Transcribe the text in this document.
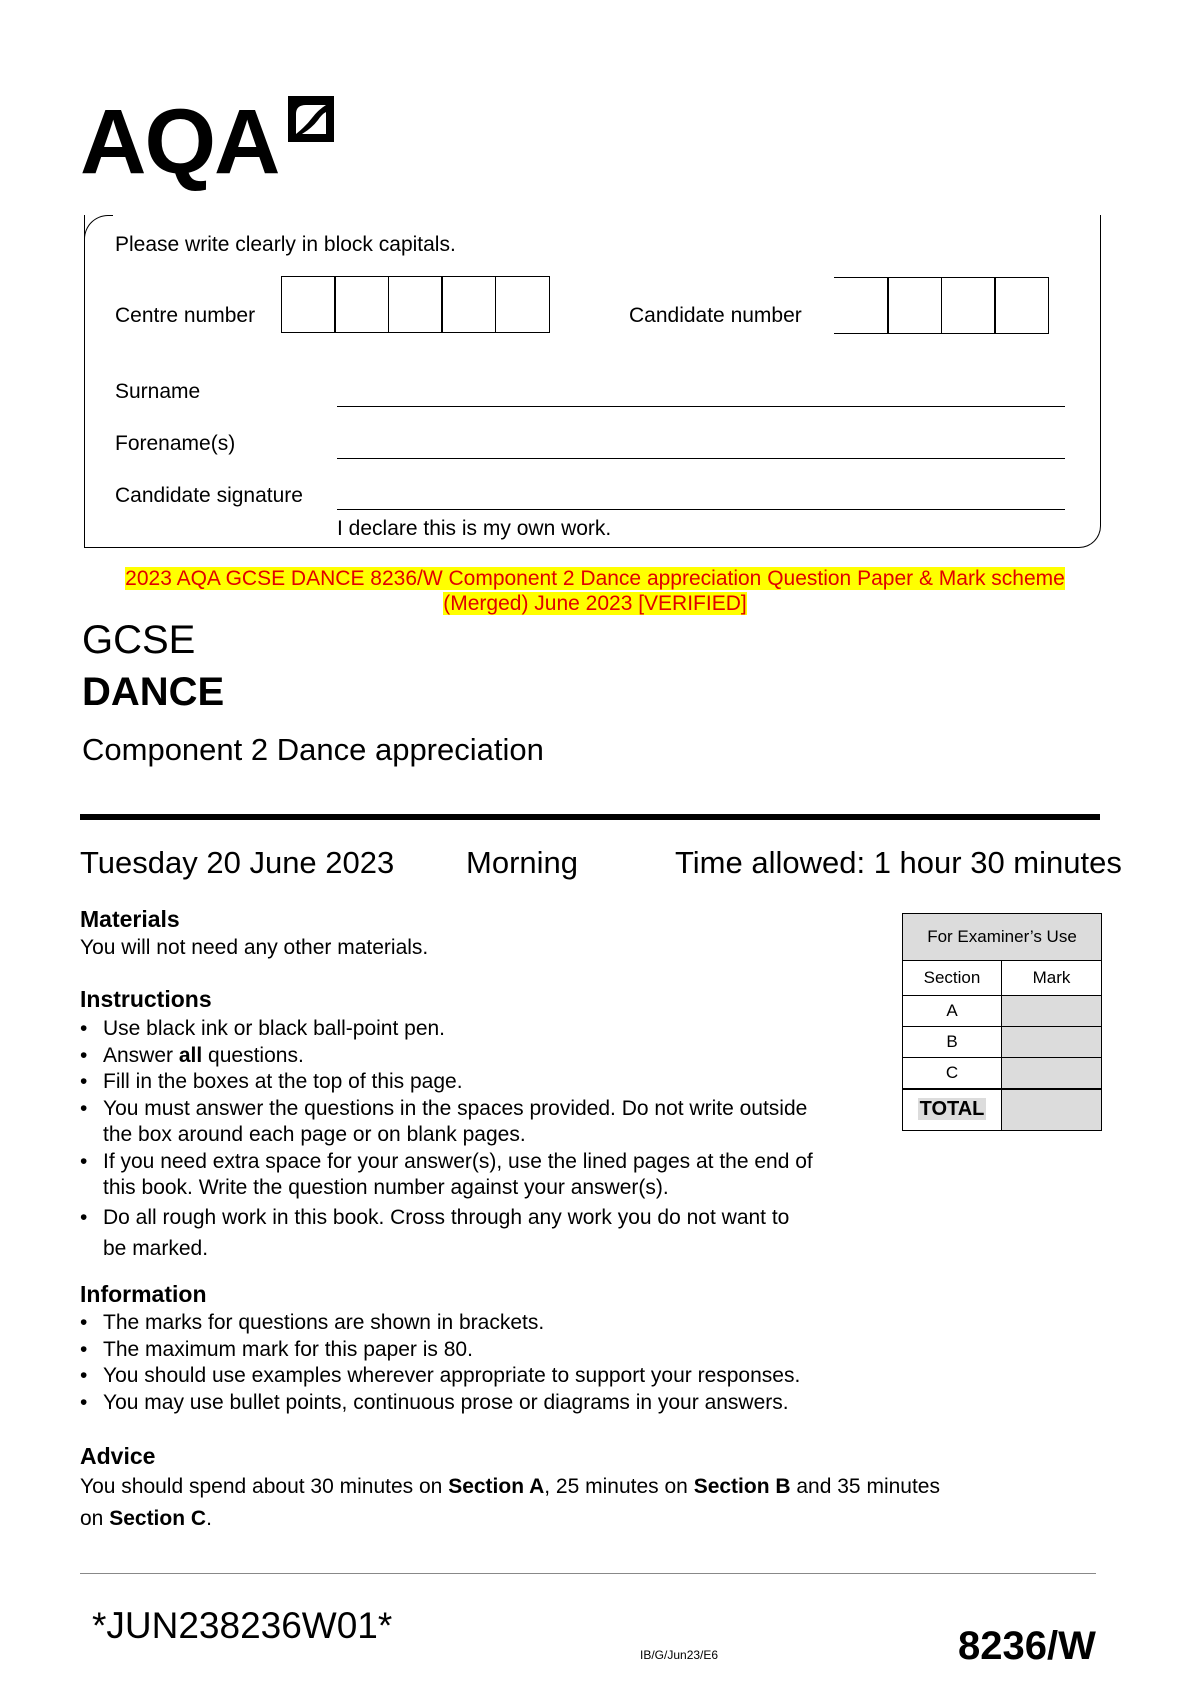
AQA
Please write clearly in block capitals.
Centre number	Candidate number
Surname
Forename(s)
Candidate signature
I declare this is my own work.
2023 AQA GCSE DANCE 8236/W Component 2 Dance appreciation Question Paper & Mark scheme
(Merged) June 2023 [VERIFIED]
GCSE
DANCE
Component 2 Dance appreciation
Tuesday 20 June 2023 Morning	Time allowed: 1 hour 30 minutes
Materials
You will not need any other materials.
Instructions
• Use black ink or black ball-point pen.
• Answer all questions.
• Fill in the boxes at the top of this page.
• You must answer the questions in the spaces provided. Do not write outside
the box around each page or on blank pages.
• If you need extra space for your answer(s), use the lined pages at the end of
this book. Write the question number against your answer(s).
• Do all rough work in this book. Cross through any work you do not want to
be marked.
Information
• The marks for questions are shown in brackets.
• The maximum mark for this paper is 80.
• You should use examples wherever appropriate to support your responses.
• You may use bullet points, continuous prose or diagrams in your answers.
Advice
You should spend about 30 minutes on Section A, 25 minutes on Section B and 35 minutes
on Section C.
For Examiner’s Use	
Section	Mark
A	
B	
C	
TOTAL	
*JUN238236W01*
IB/G/Jun23/E6	8236/W
